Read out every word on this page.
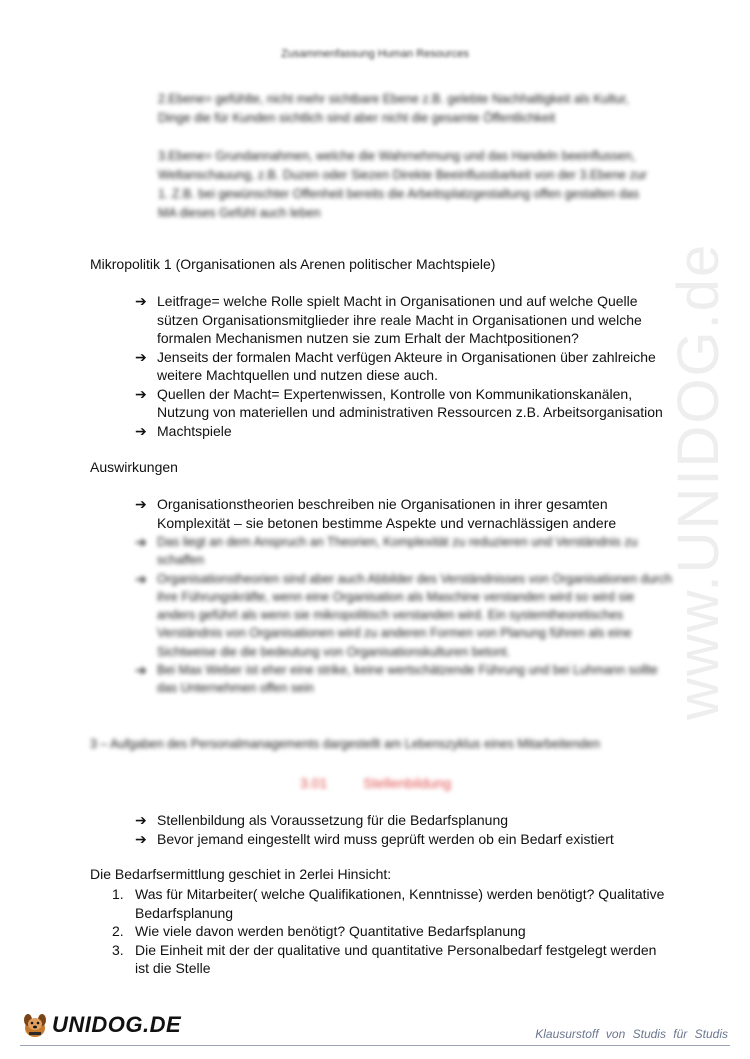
www.UNIDOG.de
Zusammenfassung Human Resources
2.Ebene= gefühlte, nicht mehr sichtbare Ebene z.B. gelebte Nachhaltigkeit als Kultur, Dinge die für Kunden sichtlich sind aber nicht die gesamte Öffentlichkeit
3.Ebene= Grundannahmen, welche die Wahrnehmung und das Handeln beeinflussen, Weltanschauung, z.B. Duzen oder Siezen Direkte Beeinflussbarkeit von der 3.Ebene zur 1. Z.B. bei gewünschter Offenheit bereits die Arbeitsplatzgestaltung offen gestalten das MA dieses Gefühl auch leben
Mikropolitik 1 (Organisationen als Arenen politischer Machtspiele)
➔ Leitfrage= welche Rolle spielt Macht in Organisationen und auf welche Quelle sützen Organisationsmitglieder ihre reale Macht in Organisationen und welche formalen Mechanismen nutzen sie zum Erhalt der Machtpositionen?
➔ Jenseits der formalen Macht verfügen Akteure in Organisationen über zahlreiche weitere Machtquellen und nutzen diese auch.
➔ Quellen der Macht= Expertenwissen, Kontrolle von Kommunikationskanälen, Nutzung von materiellen und administrativen Ressourcen z.B. Arbeitsorganisation
➔ Machtspiele
Auswirkungen
➔ Organisationstheorien beschreiben nie Organisationen in ihrer gesamten Komplexität – sie betonen bestimme Aspekte und vernachlässigen andere
➔ Das liegt an dem Anspruch an Theorien, Komplexität zu reduzieren und Verständnis zu schaffen
➔ Organisationstheorien sind aber auch Abbilder des Verständnisses von Organisationen durch ihre Führungskräfte, wenn eine Organisation als Maschine verstanden wird so wird sie anders geführt als wenn sie mikropolitisch verstanden wird. Ein systemtheoretisches Verständnis von Organisationen wird zu anderen Formen von Planung führen als eine Sichtweise die die bedeutung von Organisationskulturen betont.
➔ Bei Max Weber ist eher eine strike, keine wertschätzende Führung und bei Luhmann sollte das Unternehmen offen sein
3 – Aufgaben des Personalmanagements dargestellt am Lebenszyklus eines Mitarbeitenden
3.01	Stellenbildung
➔ Stellenbildung als Voraussetzung für die Bedarfsplanung
➔ Bevor jemand eingestellt wird muss geprüft werden ob ein Bedarf existiert
Die Bedarfsermittlung geschiet in 2erlei Hinsicht:
1. Was für Mitarbeiter( welche Qualifikationen, Kenntnisse) werden benötigt? Qualitative Bedarfsplanung
2. Wie viele davon werden benötigt? Quantitative Bedarfsplanung
3. Die Einheit mit der der qualitative und quantitative Personalbedarf festgelegt werden ist die Stelle
UNIDOG.DE	Klausurstoff von Studis für Studis
